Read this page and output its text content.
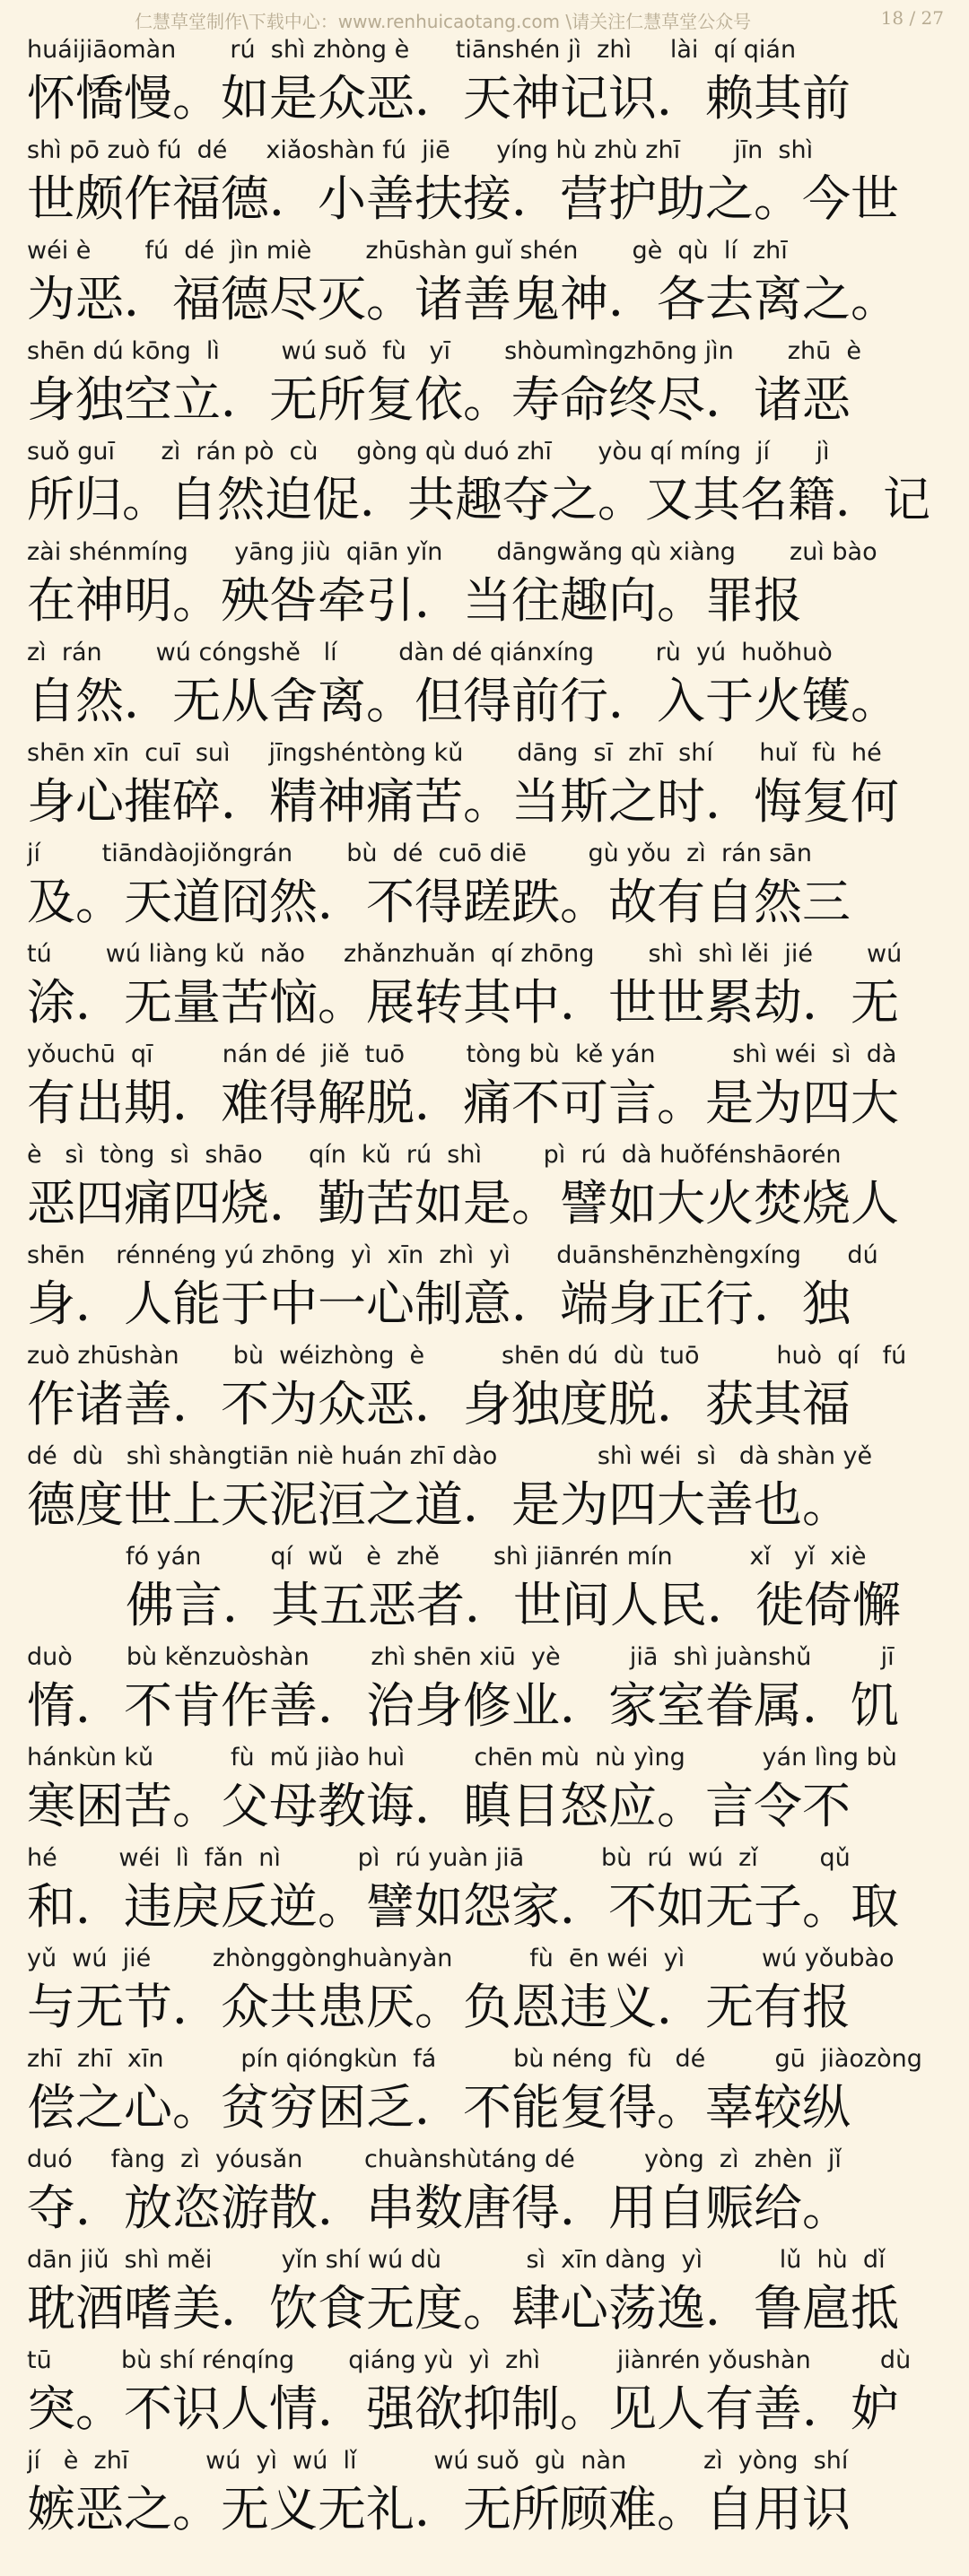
仁慧草堂制作\下载中心：www.renhuicaotang.com \请关注仁慧草堂公众号	18 / 27
huáijiāomàn       rú  shì zhòng è      tiānshén jì  zhì     lài  qí qián
怀憍慢。如是众恶．天神记识．赖其前
shì pō zuò fú  dé     xiǎoshàn fú  jiē      yíng hù zhù zhī       jīn  shì
世颇作福德．小善扶接．营护助之。今世
wéi è       fú  dé  jìn miè       zhūshàn guǐ shén       gè  qù  lí  zhī
为恶．福德尽灭。诸善鬼神．各去离之。
shēn dú kōng  lì        wú suǒ  fù   yī       shòumìngzhōng jìn       zhū  è
身独空立．无所复依。寿命终尽．诸恶
suǒ guī      zì  rán pò  cù     gòng qù duó zhī      yòu qí míng  jí      jì
所归。自然迫促．共趣夺之。又其名籍．记
zài shénmíng      yāng jiù  qiān yǐn       dāngwǎng qù xiàng       zuì bào
在神明。殃咎牵引．当往趣向。罪报
zì  rán       wú cóngshě   lí        dàn dé qiánxíng        rù  yú  huǒhuò
自然．无从舍离。但得前行．入于火镬。
shēn xīn  cuī  suì     jīngshéntòng kǔ       dāng  sī  zhī  shí      huǐ  fù  hé
身心摧碎．精神痛苦。当斯之时．悔复何
jí        tiāndàojiǒngrán       bù  dé  cuō diē        gù yǒu  zì  rán sān
及。天道冏然．不得蹉跌。故有自然三
tú       wú liàng kǔ  nǎo     zhǎnzhuǎn  qí zhōng       shì  shì lěi  jié       wú
涂．无量苦恼。展转其中．世世累劫．无
yǒuchū  qī         nán dé  jiě  tuō        tòng bù  kě yán          shì wéi  sì  dà
有出期．难得解脱．痛不可言。是为四大
è   sì  tòng  sì  shāo      qín  kǔ  rú  shì        pì  rú  dà huǒfénshāorén
恶四痛四烧．勤苦如是。譬如大火焚烧人
shēn    rénnéng yú zhōng  yì  xīn  zhì  yì      duānshēnzhèngxíng      dú
身．人能于中一心制意．端身正行．独
zuò zhūshàn       bù  wéizhòng  è          shēn dú  dù  tuō          huò  qí   fú
作诸善．不为众恶．身独度脱．获其福
dé  dù   shì shàngtiān niè huán zhī dào             shì wéi  sì   dà shàn yě
德度世上天泥洹之道．是为四大善也。
fó yán         qí  wǔ   è  zhě       shì jiānrén mín          xǐ   yǐ  xiè
佛言．其五恶者．世间人民．徙倚懈
duò       bù kěnzuòshàn        zhì shēn xiū  yè         jiā  shì juànshǔ         jī
惰．不肯作善．治身修业．家室眷属．饥
hánkùn kǔ          fù  mǔ jiào huì         chēn mù  nù yìng          yán lìng bù
寒困苦。父母教诲．瞋目怒应。言令不
hé        wéi  lì  fǎn  nì          pì  rú yuàn jiā          bù  rú  wú  zǐ        qǔ
和．违戾反逆。譬如怨家．不如无子。取
yǔ  wú  jié        zhònggònghuànyàn          fù  ēn wéi  yì          wú yǒubào
与无节．众共患厌。负恩违义．无有报
zhī  zhī  xīn          pín qióngkùn  fá          bù néng  fù   dé         gū  jiàozòng
偿之心。贫穷困乏．不能复得。辜较纵
duó     fàng  zì  yóusǎn        chuànshùtáng dé         yòng  zì  zhèn  jǐ
夺．放恣游散．串数唐得．用自赈给。
dān jiǔ  shì měi         yǐn shí wú dù           sì  xīn dàng  yì          lǔ  hù  dǐ
耽酒嗜美．饮食无度。肆心荡逸．鲁扈抵
tū         bù shí rénqíng       qiáng yù  yì  zhì          jiànrén yǒushàn         dù
突。不识人情．强欲抑制。见人有善．妒
jí   è  zhī          wú  yì  wú  lǐ          wú suǒ  gù  nàn          zì  yòng  shí
嫉恶之。无义无礼．无所顾难。自用识
